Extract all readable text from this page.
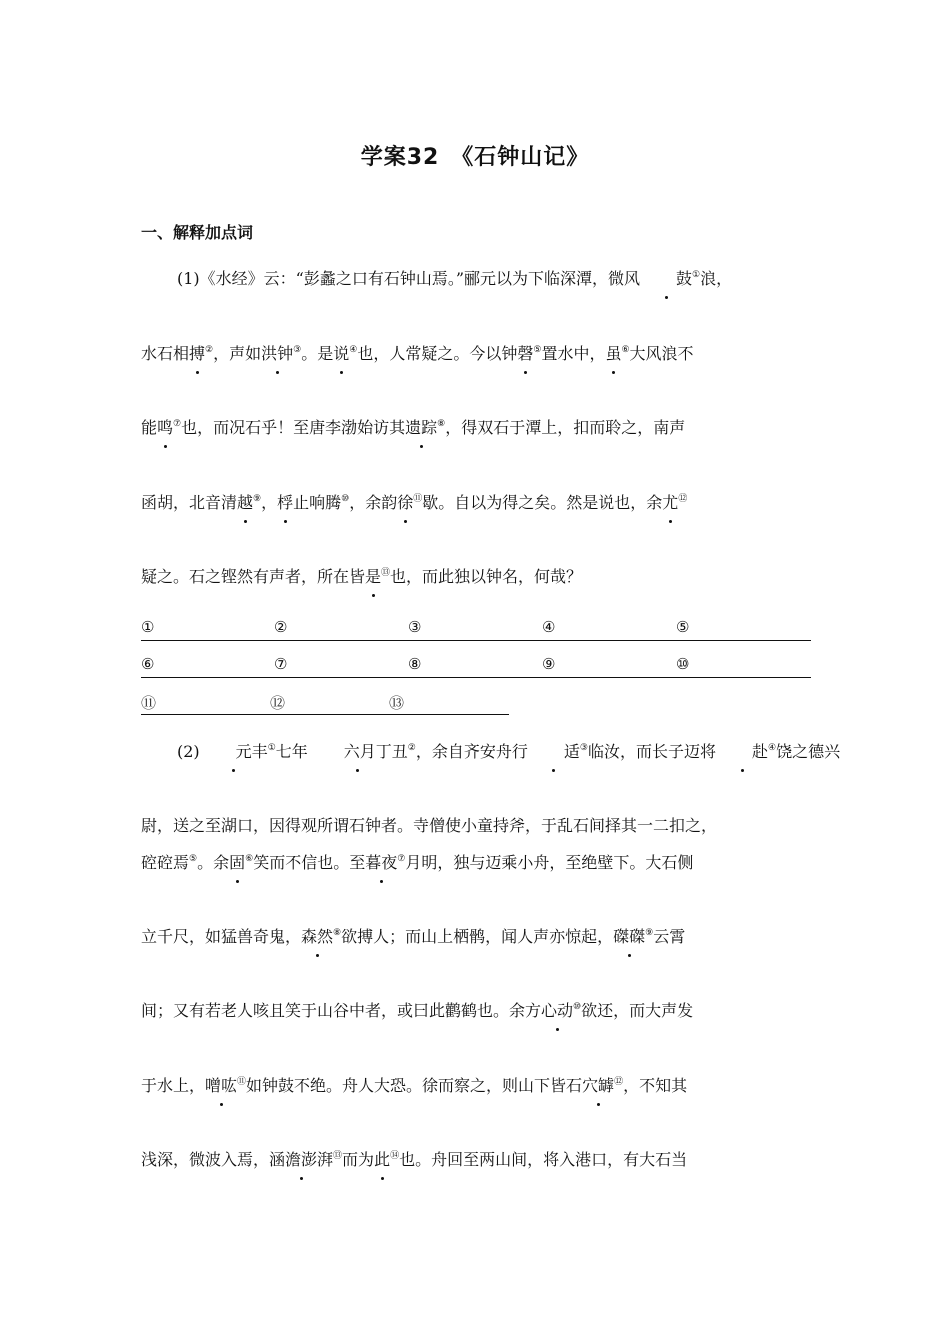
学案32　《石钟山记》
一、解释加点词
(1)《水经》云：“彭蠡之口有石钟山焉。”郦元以为下临深潭，微风 鼓①浪，
水石相搏②，声如洪钟③。是说④也，人常疑之。今以钟磬⑤置水中，虽⑥大风浪不
能鸣⑦也，而况石乎！至唐李渤始访其遗踪⑧，得双石于潭上，扣而聆之，南声
函胡，北音清越⑨，桴止响腾⑩，余韵徐⑪歇。自以为得之矣。然是说也，余尤⑫
疑之。石之铿然有声者，所在皆是⑬也，而此独以钟名，何哉？
①	②	③	④	⑤
⑥	⑦	⑧	⑨	⑩
⑪	⑫	⑬
(2) 元丰①七年 六月丁丑②，余自齐安舟行 适③临汝，而长子迈将 赴④饶之德兴
尉，送之至湖口，因得观所谓石钟者。寺僧使小童持斧，于乱石间择其一二扣之，
硿硿焉⑤。余固⑥笑而不信也。至暮夜⑦月明，独与迈乘小舟，至绝壁下。大石侧
立千尺，如猛兽奇鬼，森然⑧欲搏人；而山上栖鹘，闻人声亦惊起，磔磔⑨云霄
间；又有若老人咳且笑于山谷中者，或曰此鹳鹤也。余方心动⑩欲还，而大声发
于水上，噌吰⑪如钟鼓不绝。舟人大恐。徐而察之，则山下皆石穴罅⑫，不知其
浅深，微波入焉，涵澹澎湃⑬而为此⑭也。舟回至两山间，将入港口，有大石当
